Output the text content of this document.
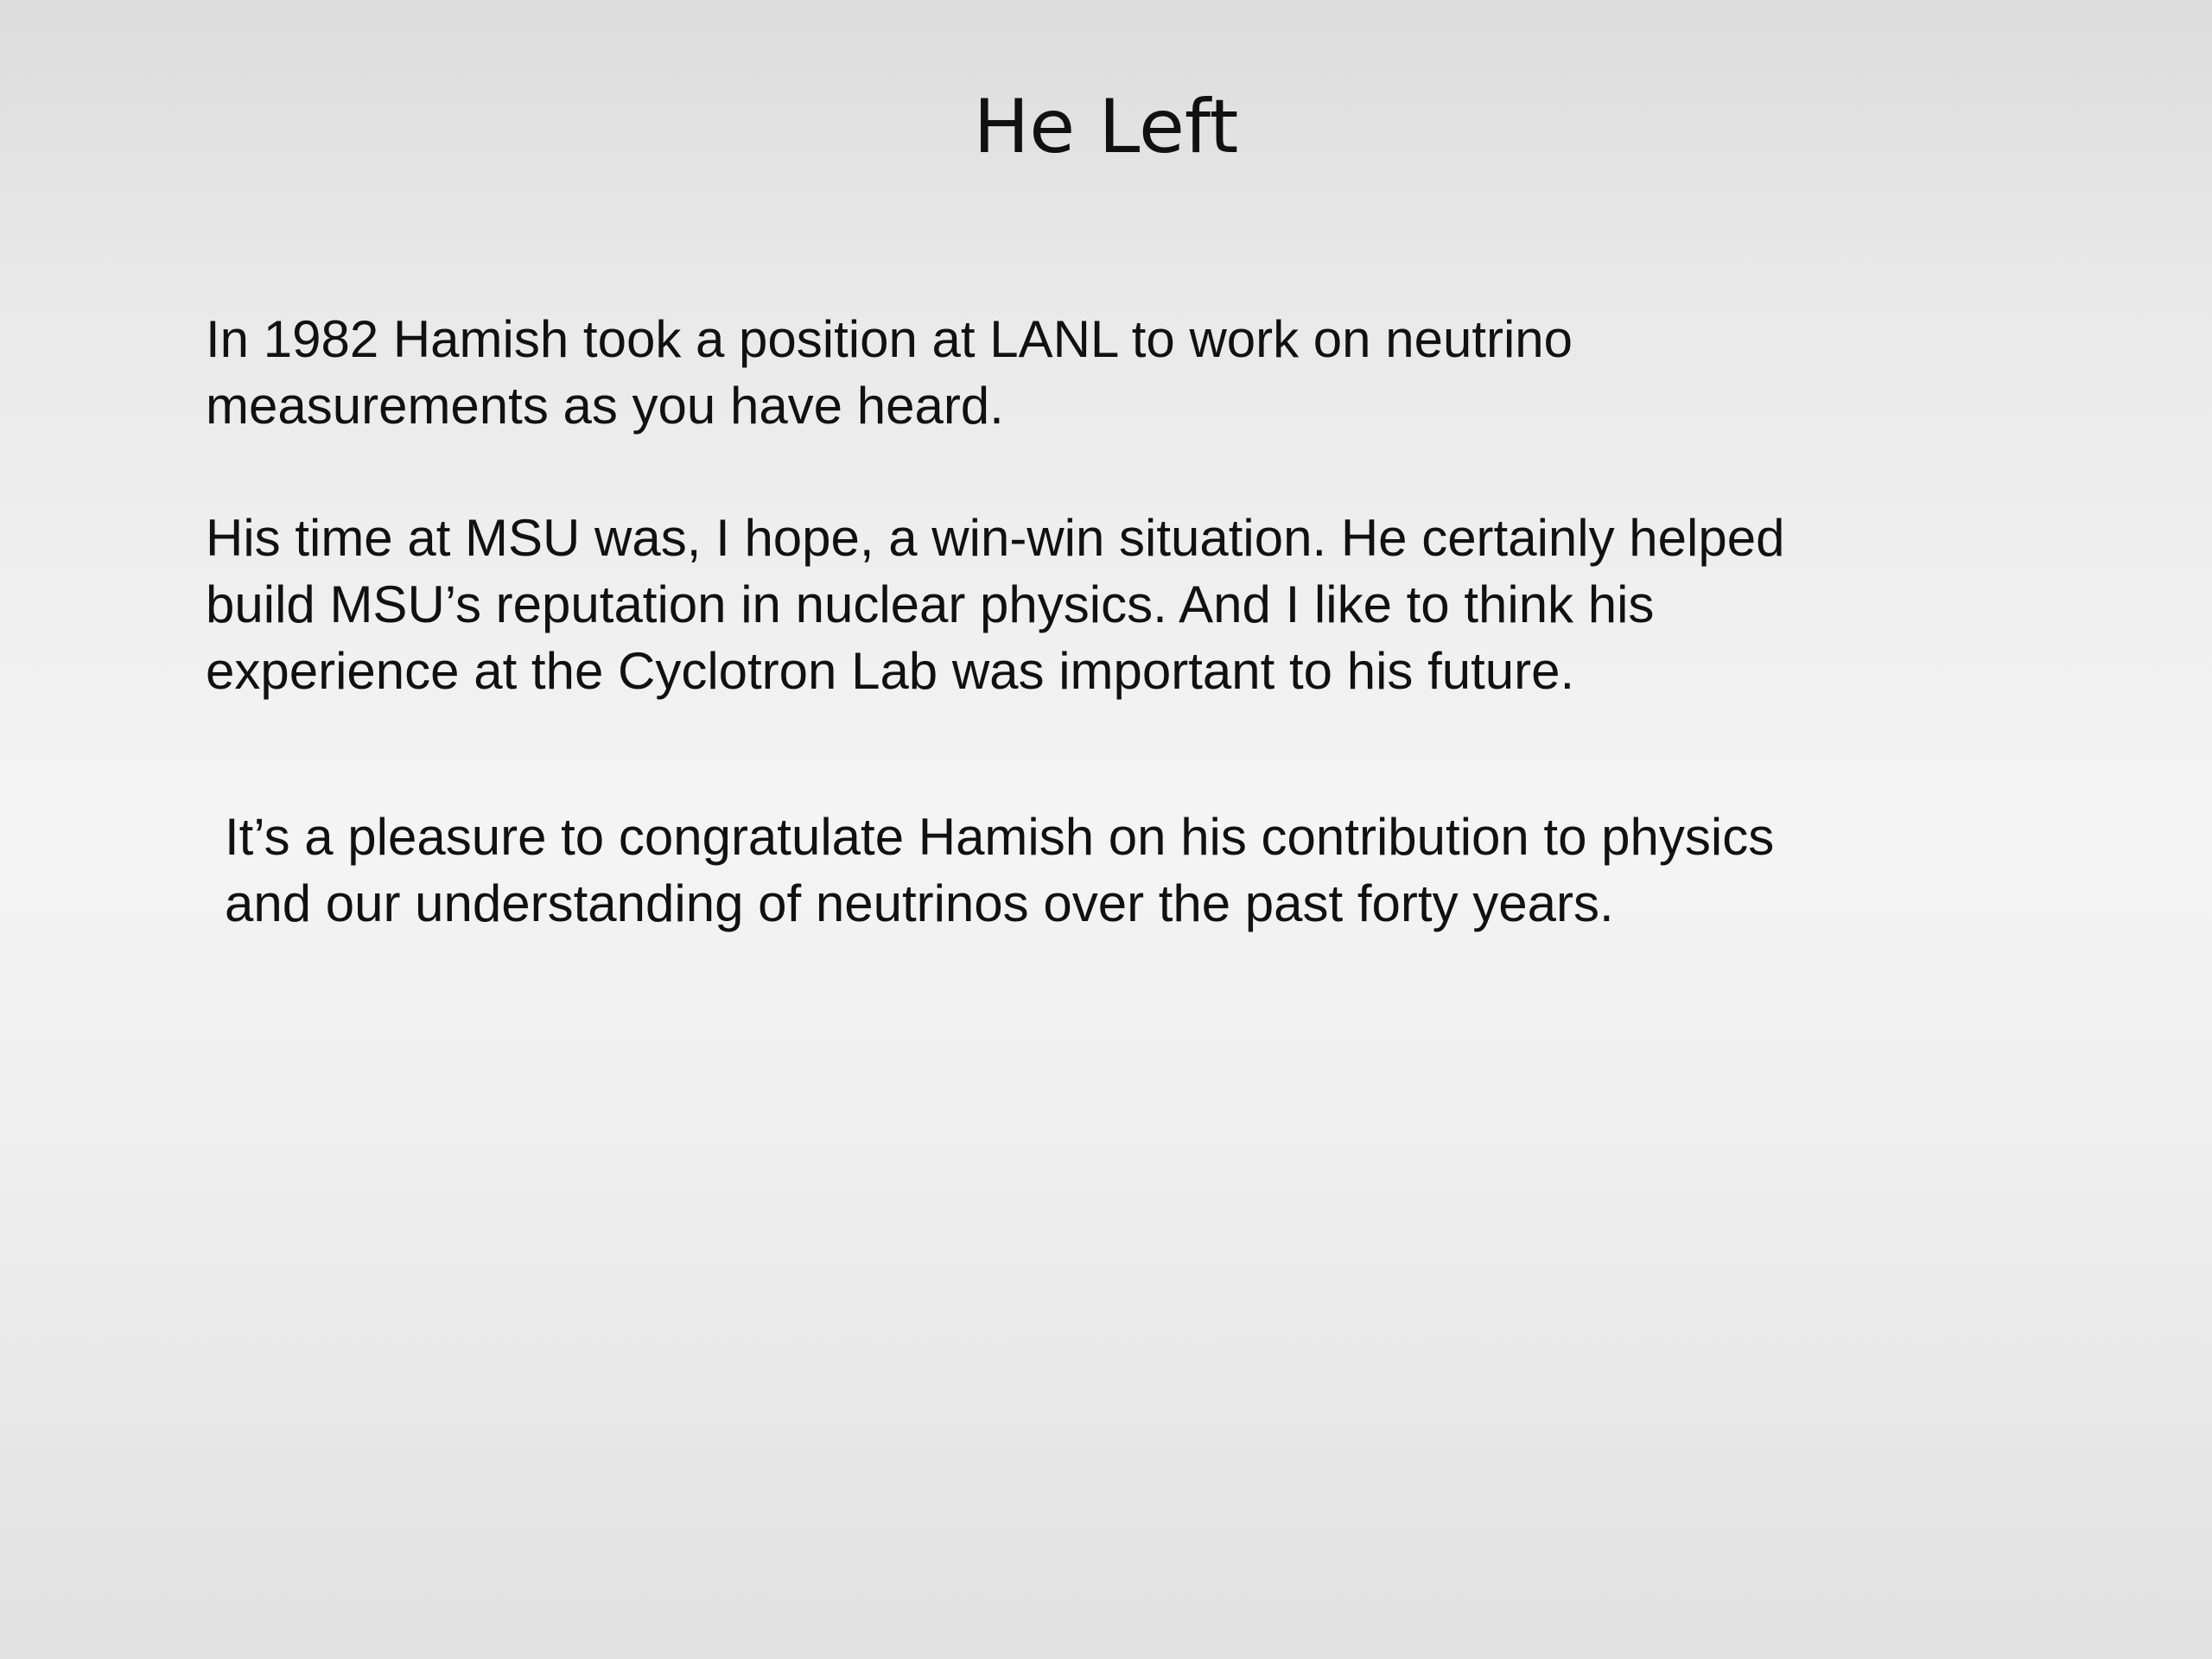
He Left

In 1982 Hamish took a position at LANL to work on neutrino
measurements as you have heard.

His time at MSU was, I hope, a win-win situation. He certainly helped
build MSU’s reputation in nuclear physics. And I like to think his
experience at the Cyclotron Lab was important to his future.

It’s a pleasure to congratulate Hamish on his contribution to physics
and our understanding of neutrinos over the past forty years.
